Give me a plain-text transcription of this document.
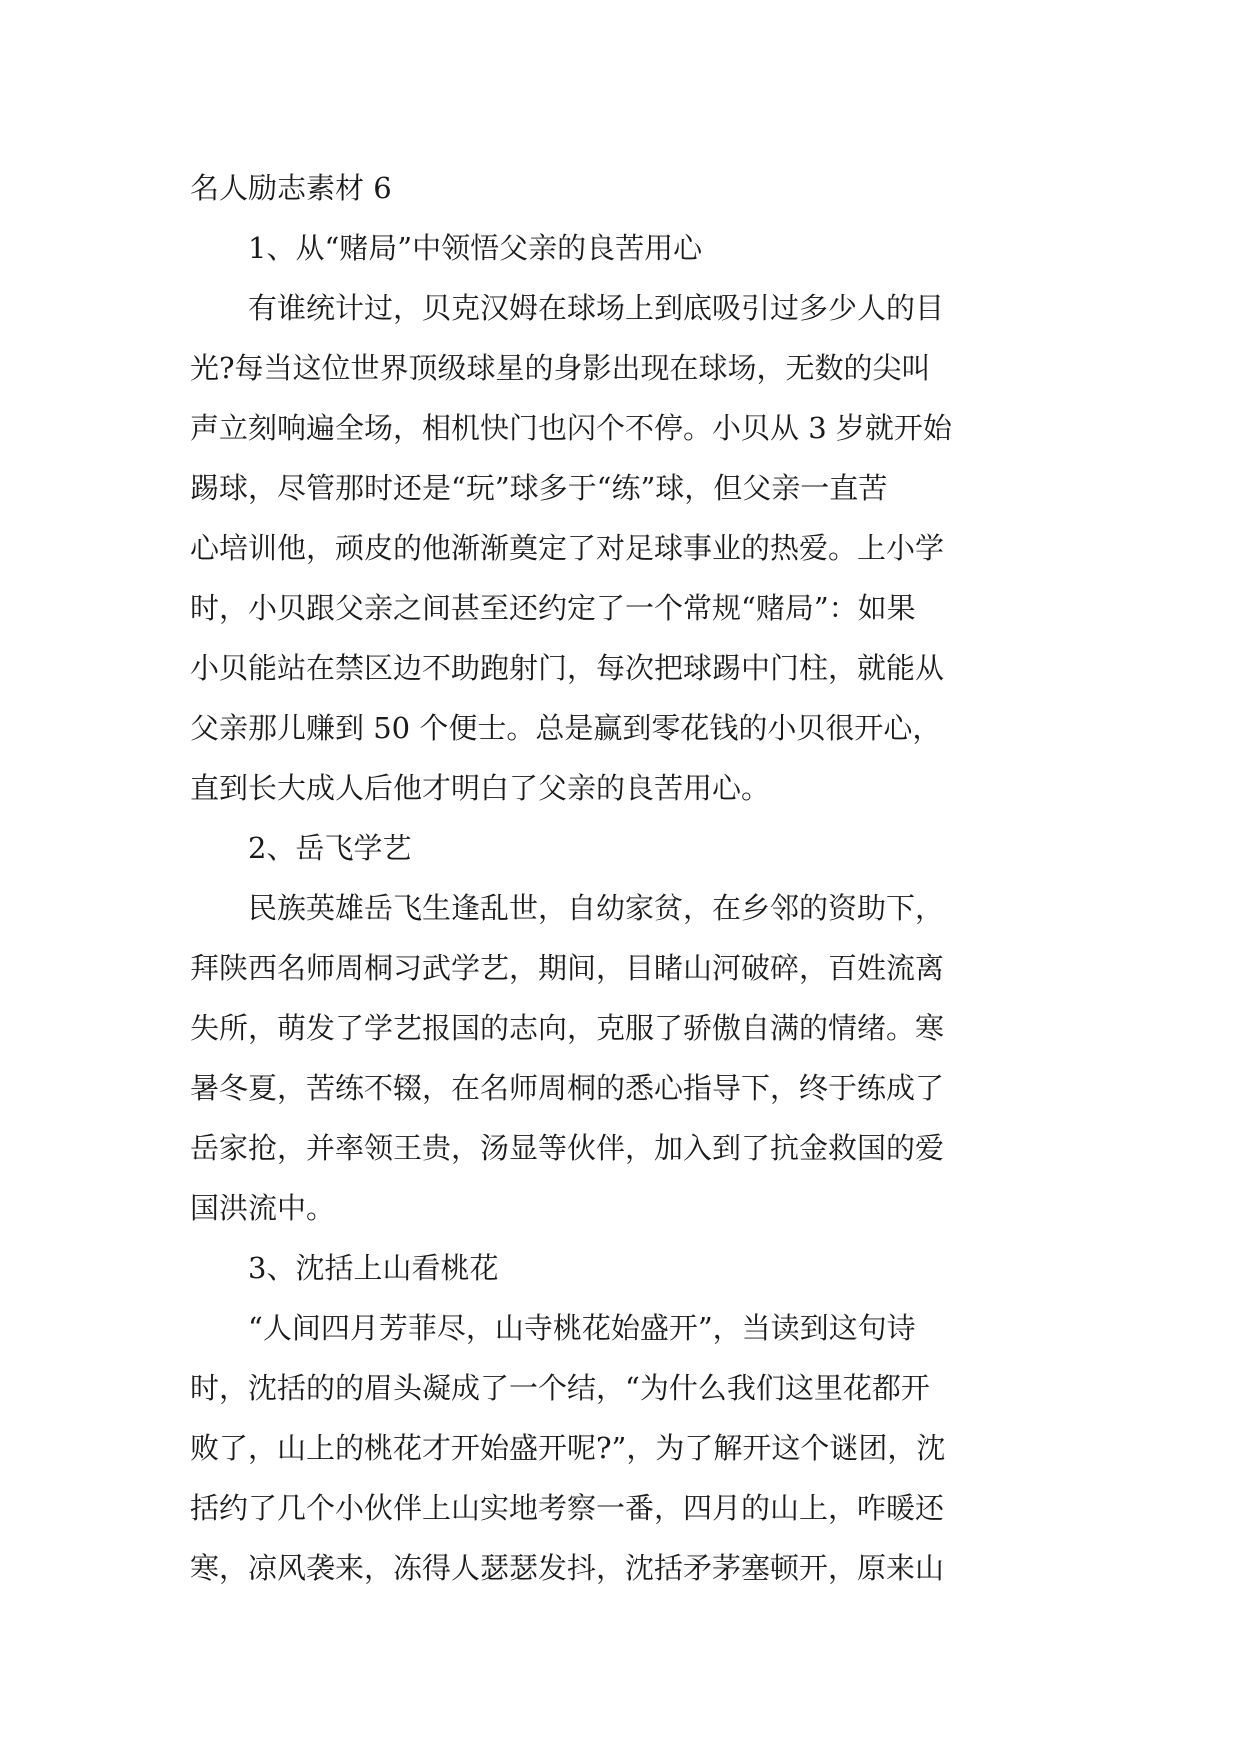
名人励志素材 6
1、从“赌局”中领悟父亲的良苦用心
有谁统计过，贝克汉姆在球场上到底吸引过多少人的目
光?每当这位世界顶级球星的身影出现在球场，无数的尖叫
声立刻响遍全场，相机快门也闪个不停。小贝从 3 岁就开始
踢球，尽管那时还是“玩”球多于“练”球，但父亲一直苦
心培训他，顽皮的他渐渐奠定了对足球事业的热爱。上小学
时，小贝跟父亲之间甚至还约定了一个常规“赌局”：如果
小贝能站在禁区边不助跑射门，每次把球踢中门柱，就能从
父亲那儿赚到 50 个便士。总是赢到零花钱的小贝很开心，
直到长大成人后他才明白了父亲的良苦用心。
2、岳飞学艺
民族英雄岳飞生逢乱世，自幼家贫，在乡邻的资助下，
拜陕西名师周桐习武学艺，期间，目睹山河破碎，百姓流离
失所，萌发了学艺报国的志向，克服了骄傲自满的情绪。寒
暑冬夏，苦练不辍，在名师周桐的悉心指导下，终于练成了
岳家抢，并率领王贵，汤显等伙伴，加入到了抗金救国的爱
国洪流中。
3、沈括上山看桃花
“人间四月芳菲尽，山寺桃花始盛开”，当读到这句诗
时，沈括的的眉头凝成了一个结，“为什么我们这里花都开
败了，山上的桃花才开始盛开呢?”，为了解开这个谜团，沈
括约了几个小伙伴上山实地考察一番，四月的山上，咋暖还
寒，凉风袭来，冻得人瑟瑟发抖，沈括矛茅塞顿开，原来山
